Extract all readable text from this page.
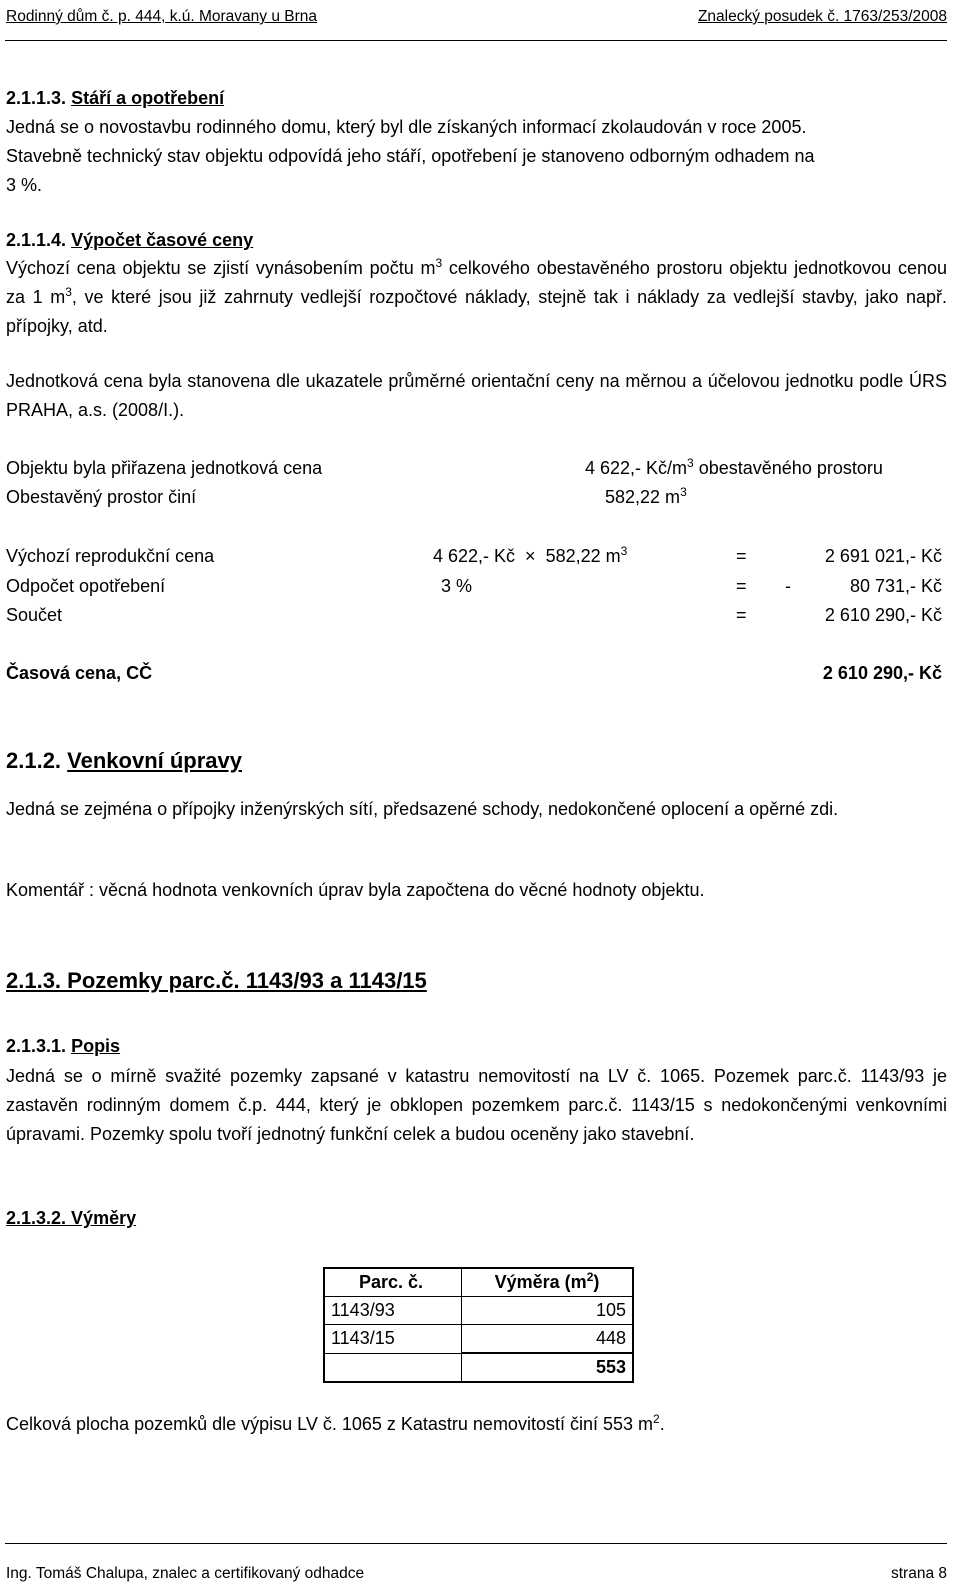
Rodinný dům č. p. 444, k.ú. Moravany u Brna	Znalecký posudek č. 1763/253/2008
2.1.1.3. Stáří a opotřebení
Jedná se o novostavbu rodinného domu, který byl dle získaných informací zkolaudován v roce 2005.
Stavebně technický stav objektu odpovídá jeho stáří, opotřebení je stanoveno odborným odhadem na
3 %.
2.1.1.4. Výpočet časové ceny
Výchozí cena objektu se zjistí vynásobením počtu $m^3$ celkového obestavěného prostoru objektu jednotkovou cenou za 1 $m^3$, ve které jsou již zahrnuty vedlejší rozpočtové náklady, stejně tak i náklady za vedlejší stavby, jako např. přípojky, atd.
Jednotková cena byla stanovena dle ukazatele průměrné orientační ceny na měrnou a účelovou jednotku podle ÚRS PRAHA, a.s. (2008/I.).
Objektu byla přiřazena jednotková cena	4 622,- $Kč/m^3$ obestavěného prostoru
Obestavěný prostor činí	582,22 $m^3$
Výchozí reprodukční cena	4 622,- Kč × 582,22 $m^3$	=	2 691 021,- Kč
Odpočet opotřebení	3 %	= -	80 731,- Kč
Součet	=	2 610 290,- Kč
Časová cena, CČ	2 610 290,- Kč
2.1.2. Venkovní úpravy
Jedná se zejména o přípojky inženýrských sítí, předsazené schody, nedokončené oplocení a opěrné zdi.
Komentář : věcná hodnota venkovních úprav byla započtena do věcné hodnoty objektu.
2.1.3. Pozemky parc.č. 1143/93 a 1143/15
2.1.3.1. Popis
Jedná se o mírně svažité pozemky zapsané v katastru nemovitostí na LV č. 1065. Pozemek parc.č. 1143/93 je zastavěn rodinným domem č.p. 444, který je obklopen pozemkem parc.č. 1143/15 s nedokončenými venkovními úpravami. Pozemky spolu tvoří jednotný funkční celek a budou oceněny jako stavební.
2.1.3.2. Výměry
Parc. č.	Výměra $(m^2)$
1143/93	105
1143/15	448
	553
Celková plocha pozemků dle výpisu LV č. 1065 z Katastru nemovitostí činí 553 $m^2$.
Ing. Tomáš Chalupa, znalec a certifikovaný odhadce	strana 8
